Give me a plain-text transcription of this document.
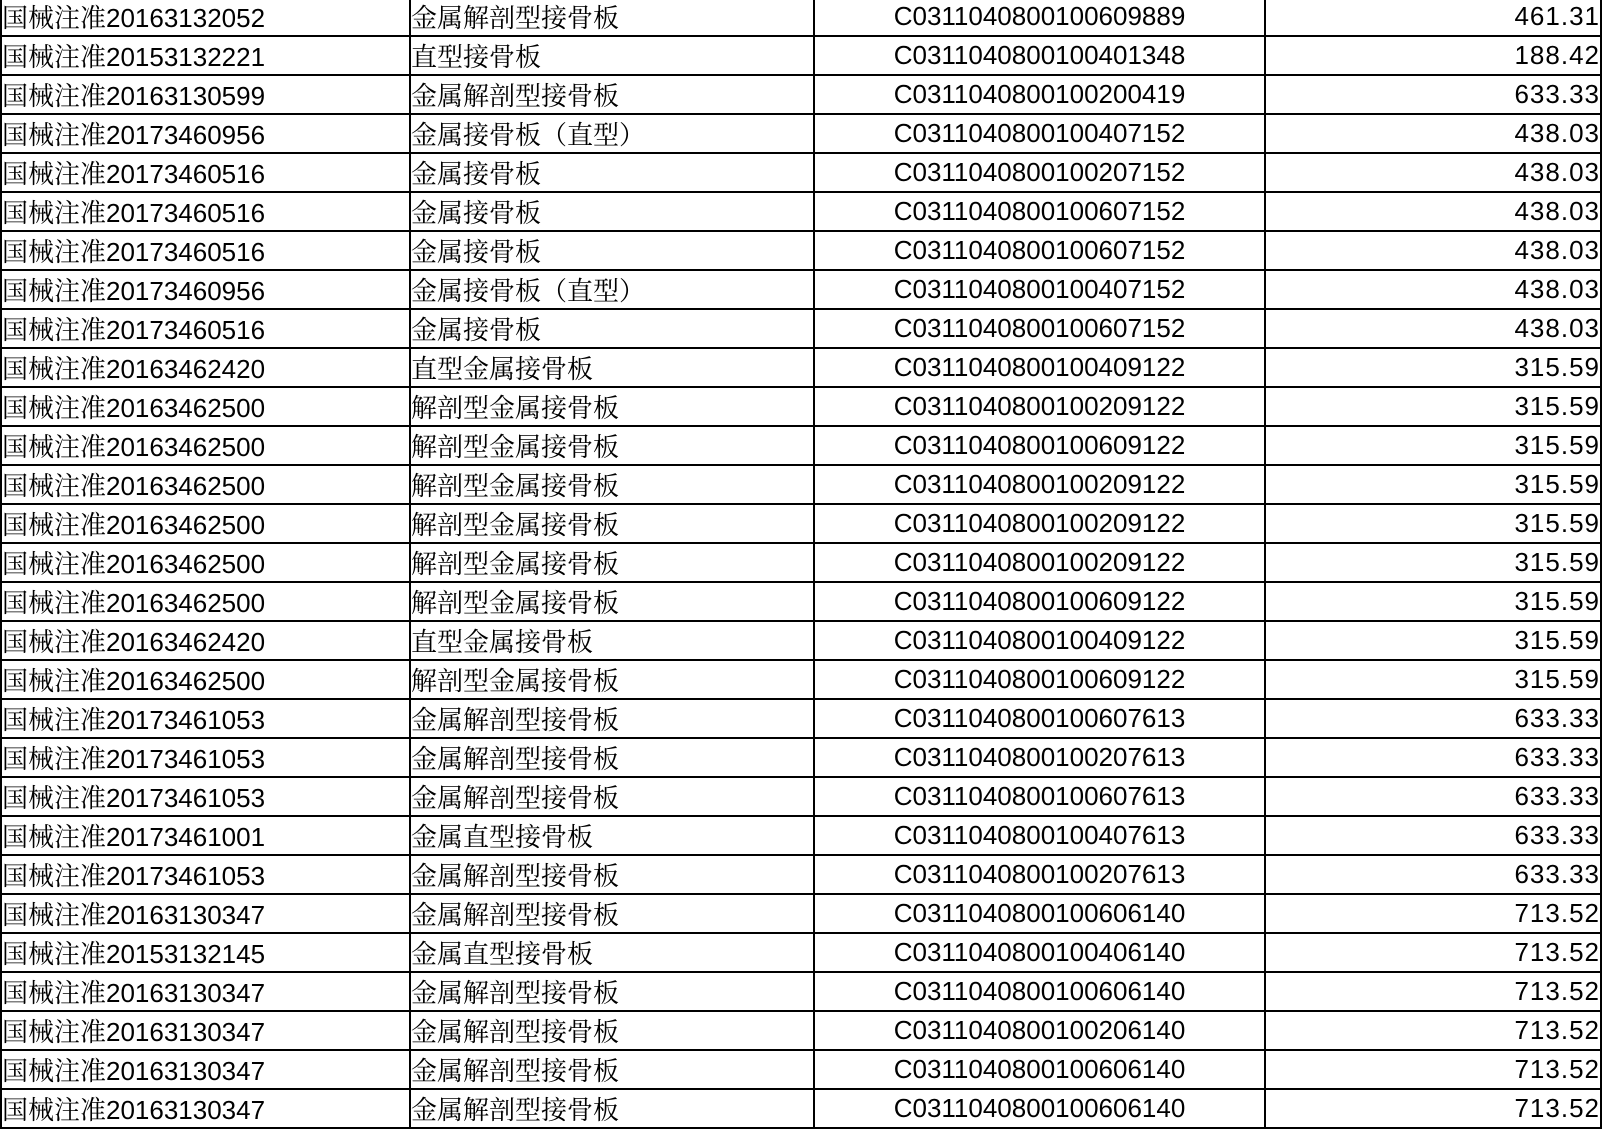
国械注准20163132052	金属解剖型接骨板	C0311040800100609889	461.31
国械注准20153132221	直型接骨板	C0311040800100401348	188.42
国械注准20163130599	金属解剖型接骨板	C0311040800100200419	633.33
国械注准20173460956	金属接骨板（直型）	C0311040800100407152	438.03
国械注准20173460516	金属接骨板	C0311040800100207152	438.03
国械注准20173460516	金属接骨板	C0311040800100607152	438.03
国械注准20173460516	金属接骨板	C0311040800100607152	438.03
国械注准20173460956	金属接骨板（直型）	C0311040800100407152	438.03
国械注准20173460516	金属接骨板	C0311040800100607152	438.03
国械注准20163462420	直型金属接骨板	C0311040800100409122	315.59
国械注准20163462500	解剖型金属接骨板	C0311040800100209122	315.59
国械注准20163462500	解剖型金属接骨板	C0311040800100609122	315.59
国械注准20163462500	解剖型金属接骨板	C0311040800100209122	315.59
国械注准20163462500	解剖型金属接骨板	C0311040800100209122	315.59
国械注准20163462500	解剖型金属接骨板	C0311040800100209122	315.59
国械注准20163462500	解剖型金属接骨板	C0311040800100609122	315.59
国械注准20163462420	直型金属接骨板	C0311040800100409122	315.59
国械注准20163462500	解剖型金属接骨板	C0311040800100609122	315.59
国械注准20173461053	金属解剖型接骨板	C0311040800100607613	633.33
国械注准20173461053	金属解剖型接骨板	C0311040800100207613	633.33
国械注准20173461053	金属解剖型接骨板	C0311040800100607613	633.33
国械注准20173461001	金属直型接骨板	C0311040800100407613	633.33
国械注准20173461053	金属解剖型接骨板	C0311040800100207613	633.33
国械注准20163130347	金属解剖型接骨板	C0311040800100606140	713.52
国械注准20153132145	金属直型接骨板	C0311040800100406140	713.52
国械注准20163130347	金属解剖型接骨板	C0311040800100606140	713.52
国械注准20163130347	金属解剖型接骨板	C0311040800100206140	713.52
国械注准20163130347	金属解剖型接骨板	C0311040800100606140	713.52
国械注准20163130347	金属解剖型接骨板	C0311040800100606140	713.52
